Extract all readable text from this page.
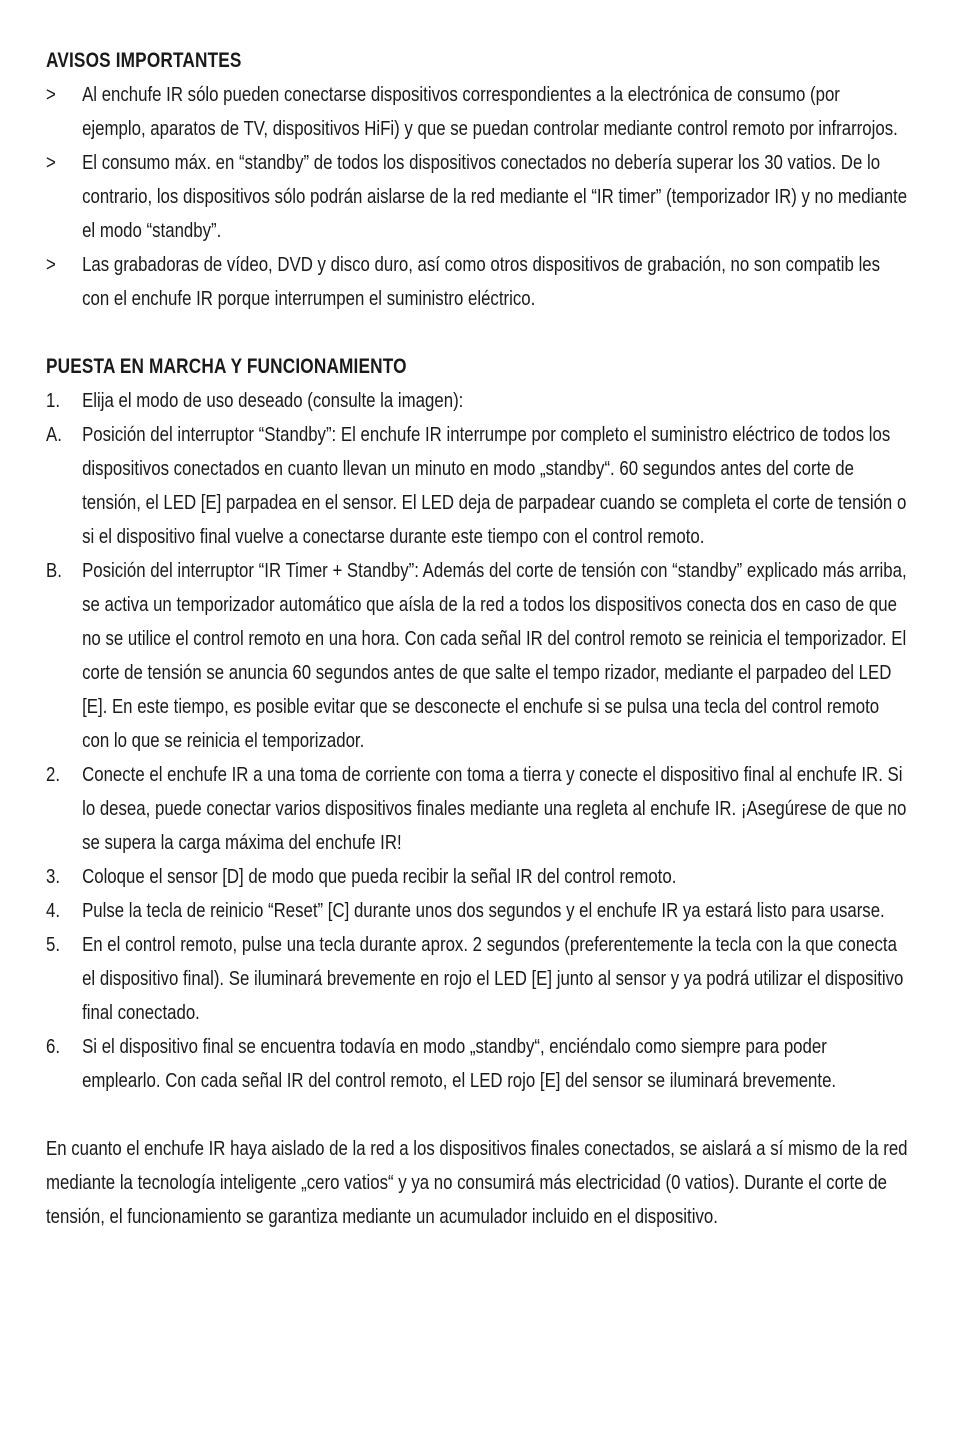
AVISOS IMPORTANTES
>	Al enchufe IR sólo pueden conectarse dispositivos correspondientes a la electrónica de consumo (por ejemplo, aparatos de TV, dispositivos HiFi) y que se puedan controlar mediante control remoto por infrarrojos.
>	El consumo máx. en “standby” de todos los dispositivos conectados no debería superar los 30 vatios. De lo contrario, los dispositivos sólo podrán aislarse de la red mediante el “IR timer” (temporizador IR) y no mediante el modo “standby”.
>	Las grabadoras de vídeo, DVD y disco duro, así como otros dispositivos de grabación, no son compatib les con el enchufe IR porque interrumpen el suministro eléctrico.
PUESTA EN MARCHA Y FUNCIONAMIENTO
1.	Elija el modo de uso deseado (consulte la imagen):
A. Posición del interruptor “Standby”: El enchufe IR interrumpe por completo el suministro eléctrico de todos los dispositivos conectados en cuanto llevan un minuto en modo „standby“. 60 segundos antes del corte de tensión, el LED [E] parpadea en el sensor. El LED deja de parpadear cuando se completa el corte de tensión o si el dispositivo final vuelve a conectarse durante este tiempo con el control remoto.
B. Posición del interruptor “IR Timer + Standby”: Además del corte de tensión con “standby” explicado más arriba, se activa un temporizador automático que aísla de la red a todos los dispositivos conecta dos en caso de que no se utilice el control remoto en una hora. Con cada señal IR del control remoto se reinicia el temporizador. El corte de tensión se anuncia 60 segundos antes de que salte el tempo rizador, mediante el parpadeo del LED [E]. En este tiempo, es posible evitar que se desconecte el enchufe si se pulsa una tecla del control remoto con lo que se reinicia el temporizador.
2.	Conecte el enchufe IR a una toma de corriente con toma a tierra y conecte el dispositivo final al enchufe IR. Si lo desea, puede conectar varios dispositivos finales mediante una regleta al enchufe IR. ¡Asegúrese de que no se supera la carga máxima del enchufe IR!
3.	Coloque el sensor [D] de modo que pueda recibir la señal IR del control remoto.
4.	Pulse la tecla de reinicio “Reset” [C] durante unos dos segundos y el enchufe IR ya estará listo para usarse.
5.	En el control remoto, pulse una tecla durante aprox. 2 segundos (preferentemente la tecla con la que conecta el dispositivo final). Se iluminará brevemente en rojo el LED [E] junto al sensor y ya podrá utilizar el dispositivo final conectado.
6.	Si el dispositivo final se encuentra todavía en modo „standby“, enciéndalo como siempre para poder emplearlo. Con cada señal IR del control remoto, el LED rojo [E] del sensor se iluminará brevemente.

En cuanto el enchufe IR haya aislado de la red a los dispositivos finales conectados, se aislará a sí mismo de la red mediante la tecnología inteligente „cero vatios“ y ya no consumirá más electricidad (0 vatios). Durante el corte de tensión, el funcionamiento se garantiza mediante un acumulador incluido en el dispositivo.
